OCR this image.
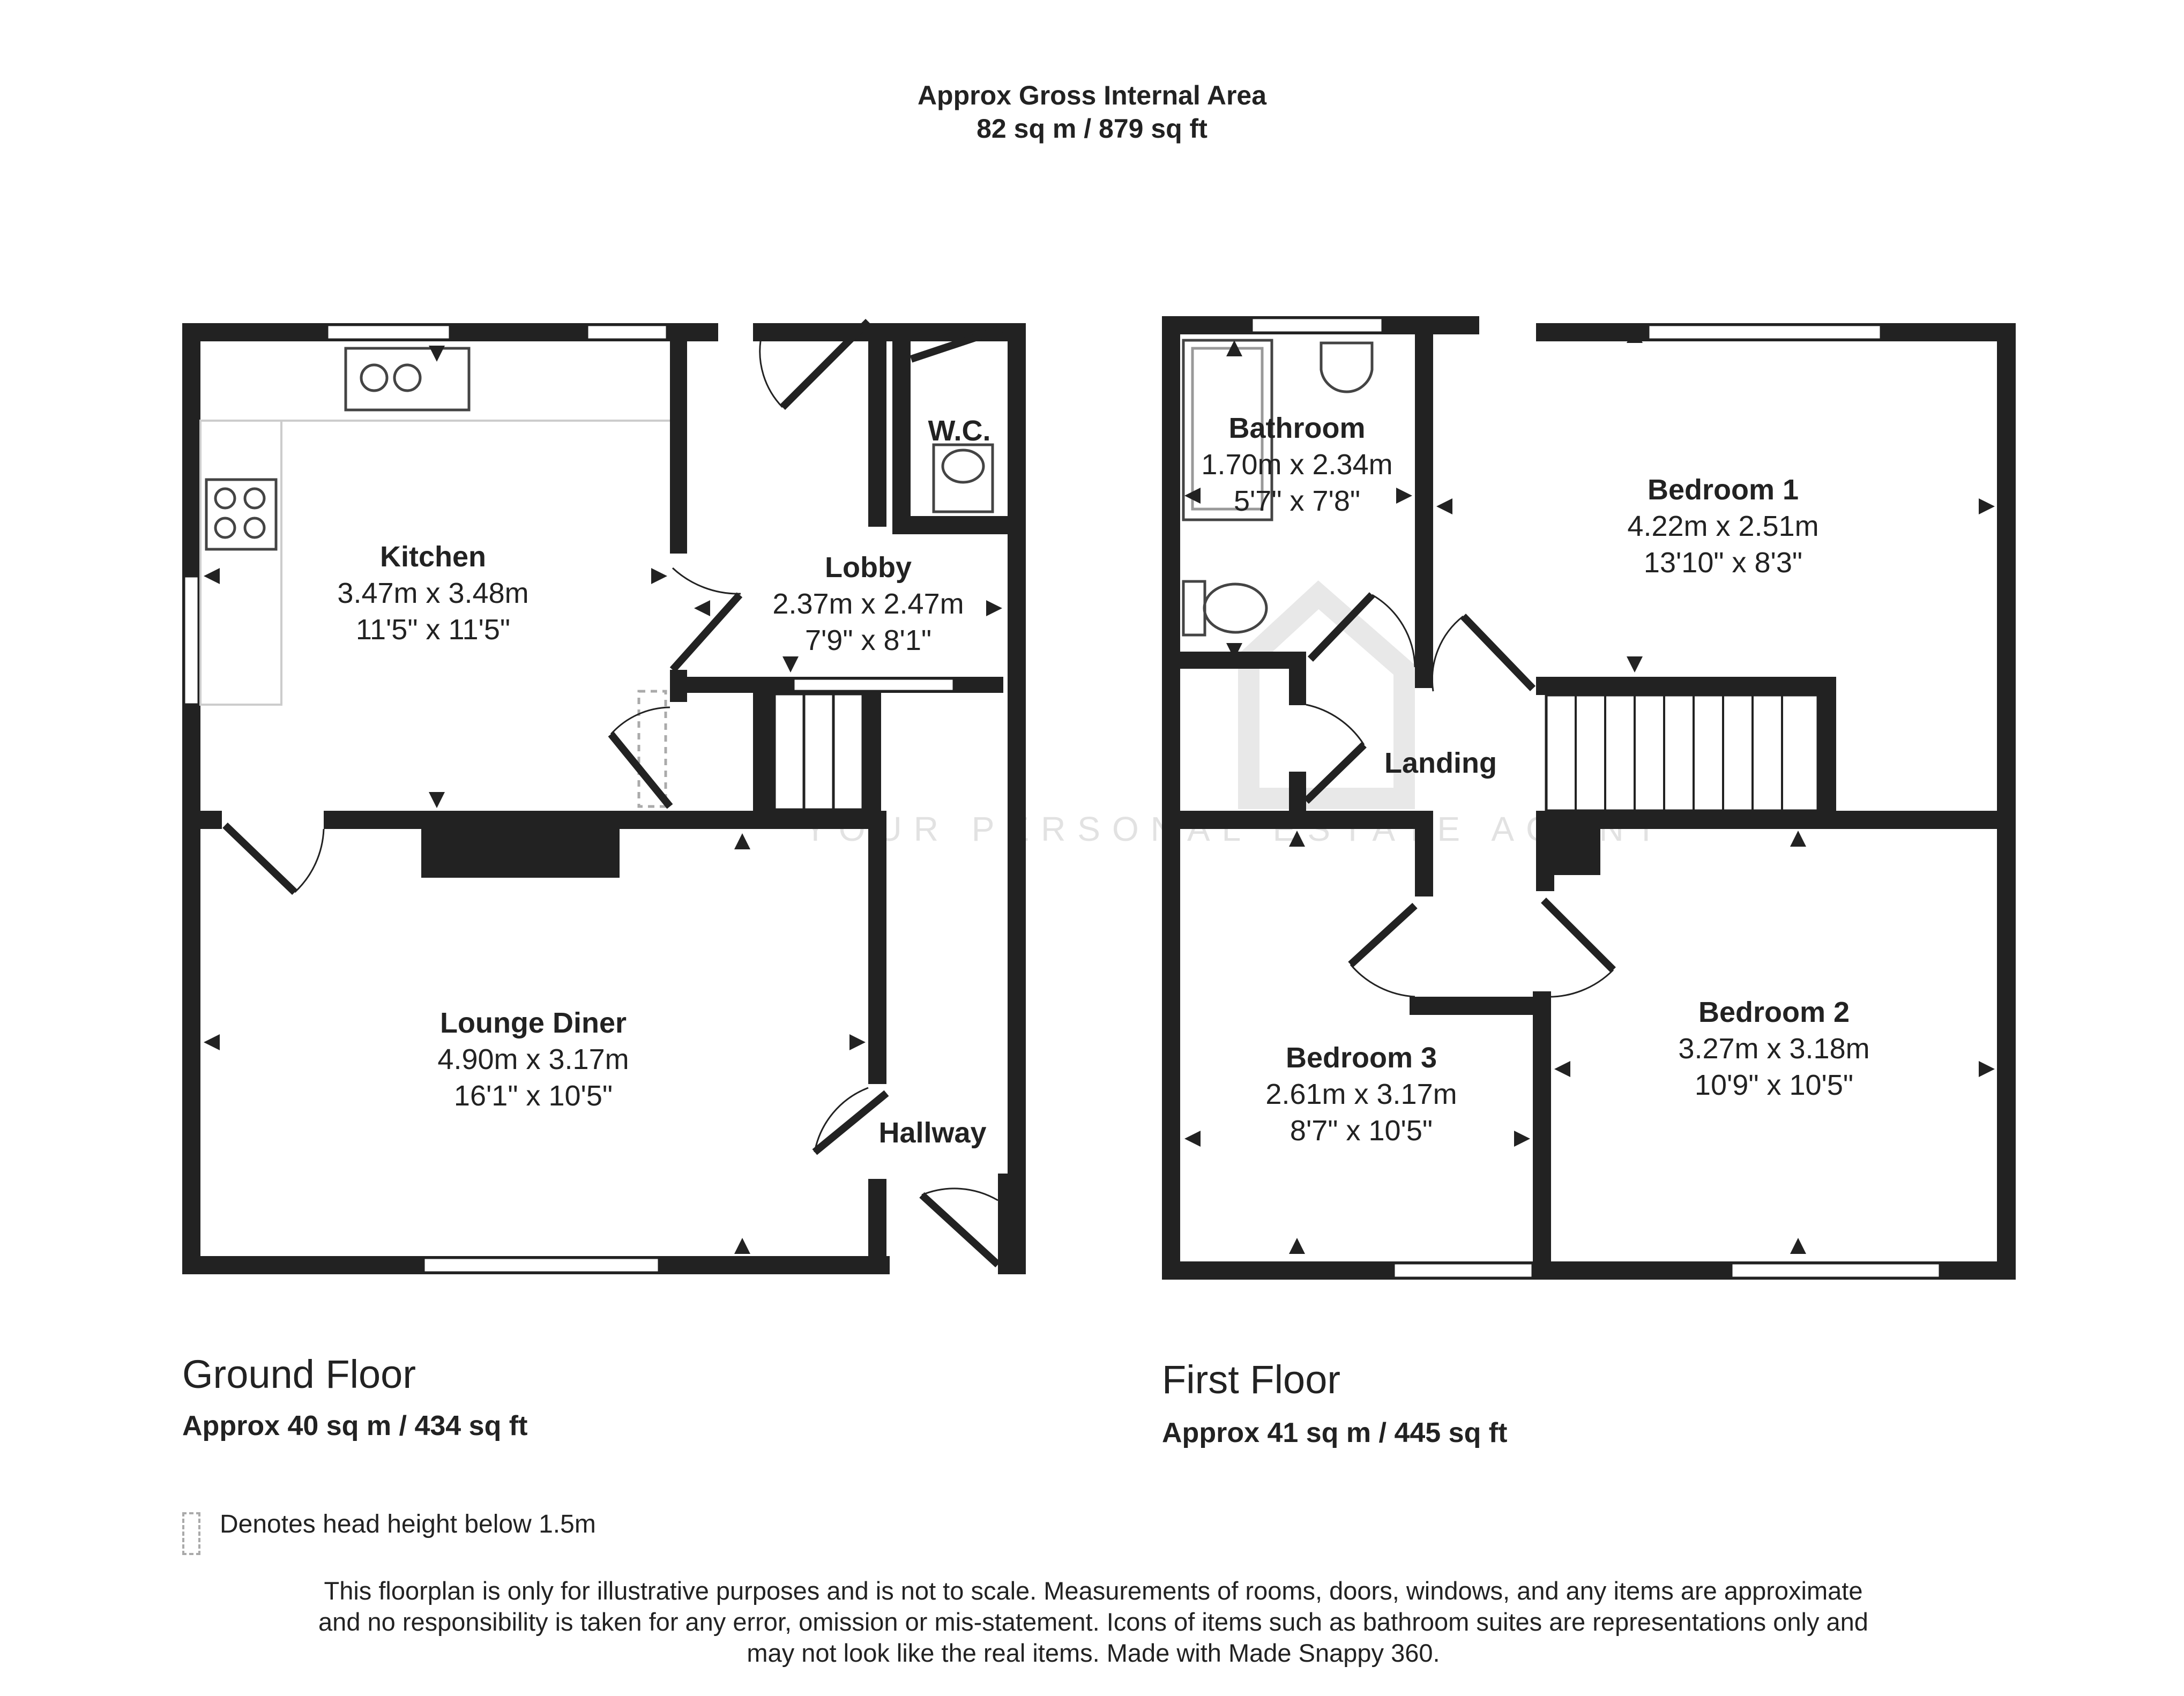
Approx Gross Internal Area
82 sq m / 879 sq ft
PERSONAL
Kitchen
3.47m x 3.48m
11'5" x 11'5"
Lobby
2.37m x 2.47m
7'9" x 8'1"
W.C.
Lounge Diner
4.90m x 3.17m
16'1" x 10'5"
Hallway
Bathroom
1.70m x 2.34m
5'7" x 7'8"	Bedroom 1
4.22m x 2.51m
13'10" x 8'3"
Landing
Bedroom 3
2.61m x 3.17m
8'7" x 10'5"
Bedroom 2
3.27m x 3.18m
10'9" x 10'5"
Ground Floor
Approx 40 sq m / 434 sq ft
First Floor
Approx 41 sq m / 445 sq ft
Denotes head height below 1.5m
This floorplan is only for illustrative purposes and is not to scale. Measurements of rooms, doors, windows, and any items are approximate
and no responsibility is taken for any error, omission or mis-statement. Icons of items such as bathroom suites are representations only and
may not look like the real items. Made with Made Snappy 360.
